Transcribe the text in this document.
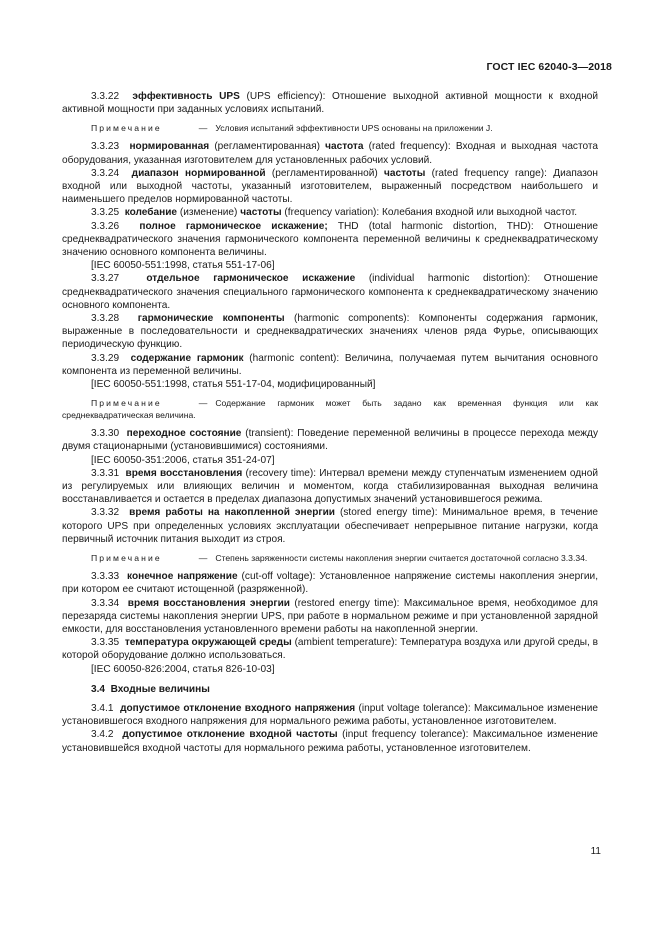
ГОСТ IEC 62040-3—2018

3.3.22 эффективность UPS (UPS efficiency): Отношение выходной активной мощности к входной активной мощности при заданных условиях испытаний.

Примечание	— Условия испытаний эффективности UPS основаны на приложении J.

3.3.23 нормированная (регламентированная) частота (rated frequency): Входная и выходная частота оборудования, указанная изготовителем для установленных рабочих условий.

3.3.24 диапазон нормированной (регламентированной) частоты (rated frequency range): Диапазон входной или выходной частоты, указанный изготовителем, выраженный посредством наибольшего и наименьшего пределов нормированной частоты.

3.3.25 колебание (изменение) частоты (frequency variation): Колебания входной или выходной частот.

3.3.26 полное гармоническое искажение; THD (total harmonic distortion, THD): Отношение среднеквадратического значения гармонического компонента переменной величины к среднеквадратическому значению основного компонента величины.

[IEC 60050-551:1998, статья 551-17-06]

3.3.27	отдельное гармоническое искажение (individual harmonic distortion): Отношение среднеквадратического значения специального гармонического компонента к среднеквадратическому значению основного компонента.

3.3.28 гармонические компоненты (harmonic components): Компоненты содержания гармоник, выраженные в последовательности и среднеквадратических значениях членов ряда Фурье, описывающих периодическую функцию.

3.3.29 содержание гармоник (harmonic content): Величина, получаемая путем вычитания основного компонента из переменной величины.

[IEC 60050-551:1998, статья 551-17-04, модифицированный]

Примечание	— Содержание гармоник может быть задано как временная функция или как среднеквадратическая величина.

3.3.30 переходное состояние (transient): Поведение переменной величины в процессе перехода между двумя стационарными (установившимися) состояниями.

[IEC 60050-351:2006, статья 351-24-07]

3.3.31 время восстановления (recovery time): Интервал времени между ступенчатым изменением одной из регулируемых или влияющих величин и моментом, когда стабилизированная выходная величина восстанавливается и остается в пределах диапазона допустимых значений установившегося режима.

3.3.32 время работы на накопленной энергии (stored energy time): Минимальное время, в течение которого UPS при определенных условиях эксплуатации обеспечивает непрерывное питание нагрузки, когда первичный источник питания выходит из строя.

Примечание	— Степень заряженности системы накопления энергии считается достаточной согласно 3.3.34.

3.3.33 конечное напряжение (cut-off voltage): Установленное напряжение системы накопления энергии, при котором ее считают истощенной (разряженной).

3.3.34 время восстановления энергии (restored energy time): Максимальное время, необходимое для перезаряда системы накопления энергии UPS, при работе в нормальном режиме и при установленной зарядной емкости, для восстановления установленного времени работы на накопленной энергии.

3.3.35 температура окружающей среды (ambient temperature): Температура воздуха или другой среды, в которой оборудование должно использоваться.

[IEC 60050-826:2004, статья 826-10-03]

3.4 Входные величины

3.4.1 допустимое отклонение входного напряжения (input voltage tolerance): Максимальное изменение установившегося входного напряжения для нормального режима работы, установленное изготовителем.

3.4.2 допустимое отклонение входной частоты (input frequency tolerance): Максимальное изменение установившейся входной частоты для нормального режима работы, установленное изготовителем.

11
